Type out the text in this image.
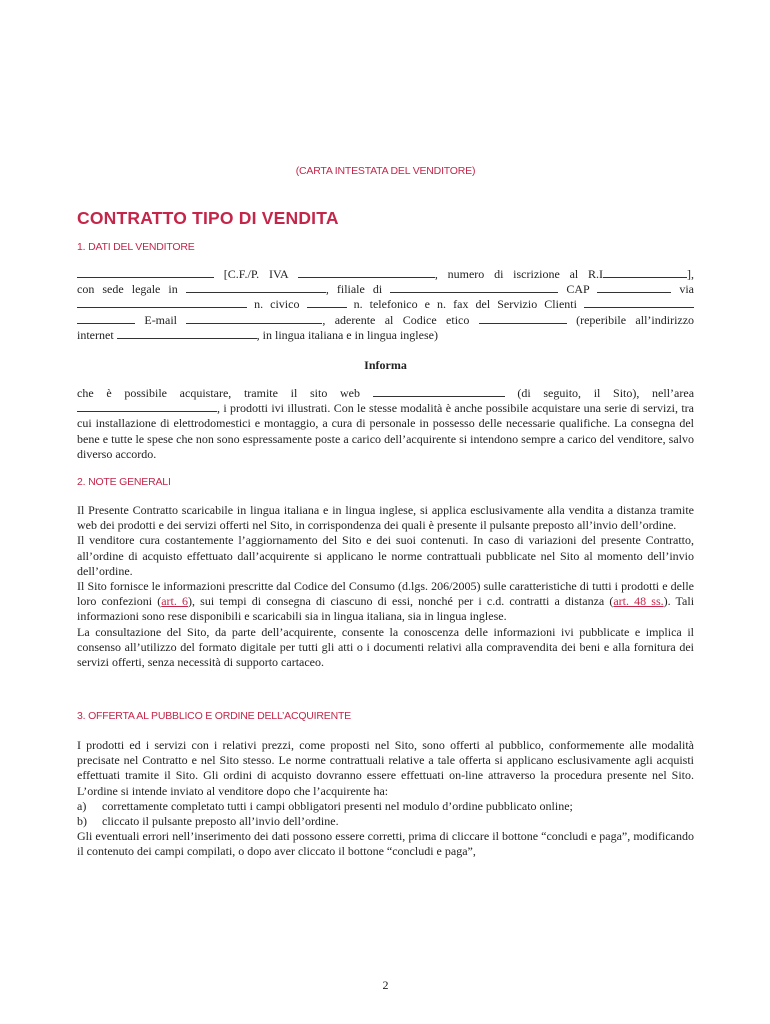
(CARTA INTESTATA DEL VENDITORE)
CONTRATTO TIPO DI VENDITA
1. DATI DEL VENDITORE

[C.F./P. IVA	, numero di iscrizione al R.I	],

con sede legale in	, filiale di	CAP	via

n. civico	n. telefonico e n. fax del Servizio Clienti

E-mail	, aderente al Codice etico	(reperibile all’indirizzo

internet	, in lingua italiana e in lingua inglese)

Informa

che è possibile acquistare, tramite il sito web	(di seguito, il Sito), nell’area , i prodotti ivi illustrati. Con le stesse modalità è anche possibile acquistare una serie di servizi, tra cui installazione di elettrodomestici e montaggio, a cura di personale in possesso delle necessarie qualifiche. La consegna del bene e tutte le spese che non sono espressamente poste a carico dell’acquirente si intendono sempre a carico del venditore, salvo diverso accordo.

2. NOTE GENERALI

Il Presente Contratto scaricabile in lingua italiana e in lingua inglese, si applica esclusivamente alla vendita a distanza tramite web dei prodotti e dei servizi offerti nel Sito, in corrispondenza dei quali è presente il pulsante preposto all’invio dell’ordine.

Il venditore cura costantemente l’aggiornamento del Sito e dei suoi contenuti. In caso di variazioni del presente Contratto, all’ordine di acquisto effettuato dall’acquirente si applicano le norme contrattuali pubblicate nel Sito al momento dell’invio dell’ordine.

Il Sito fornisce le informazioni prescritte dal Codice del Consumo (d.lgs. 206/2005) sulle caratteristiche di tutti i prodotti e delle loro confezioni (art. 6), sui tempi di consegna di ciascuno di essi, nonché per i c.d. contratti a distanza (art. 48 ss.). Tali informazioni sono rese disponibili e scaricabili sia in lingua italiana, sia in lingua inglese.

La consultazione del Sito, da parte dell’acquirente, consente la conoscenza delle informazioni ivi pubblicate e implica il consenso all’utilizzo del formato digitale per tutti gli atti o i documenti relativi alla compravendita dei beni e alla fornitura dei servizi offerti, senza necessità di supporto cartaceo.

3. OFFERTA AL PUBBLICO E ORDINE DELL’ACQUIRENTE

I prodotti ed i servizi con i relativi prezzi, come proposti nel Sito, sono offerti al pubblico, conformemente alle modalità precisate nel Contratto e nel Sito stesso. Le norme contrattuali relative a tale offerta si applicano esclusivamente agli acquisti effettuati tramite il Sito. Gli ordini di acquisto dovranno essere effettuati on-line attraverso la procedura presente nel Sito. L’ordine si intende inviato al venditore dopo che l’acquirente ha:

a)	correttamente completato tutti i campi obbligatori presenti nel modulo d’ordine pubblicato online;
b)	cliccato il pulsante preposto all’invio dell’ordine.

Gli eventuali errori nell’inserimento dei dati possono essere corretti, prima di cliccare il bottone “concludi e paga”, modificando il contenuto dei campi compilati, o dopo aver cliccato il bottone “concludi e paga”,

2
